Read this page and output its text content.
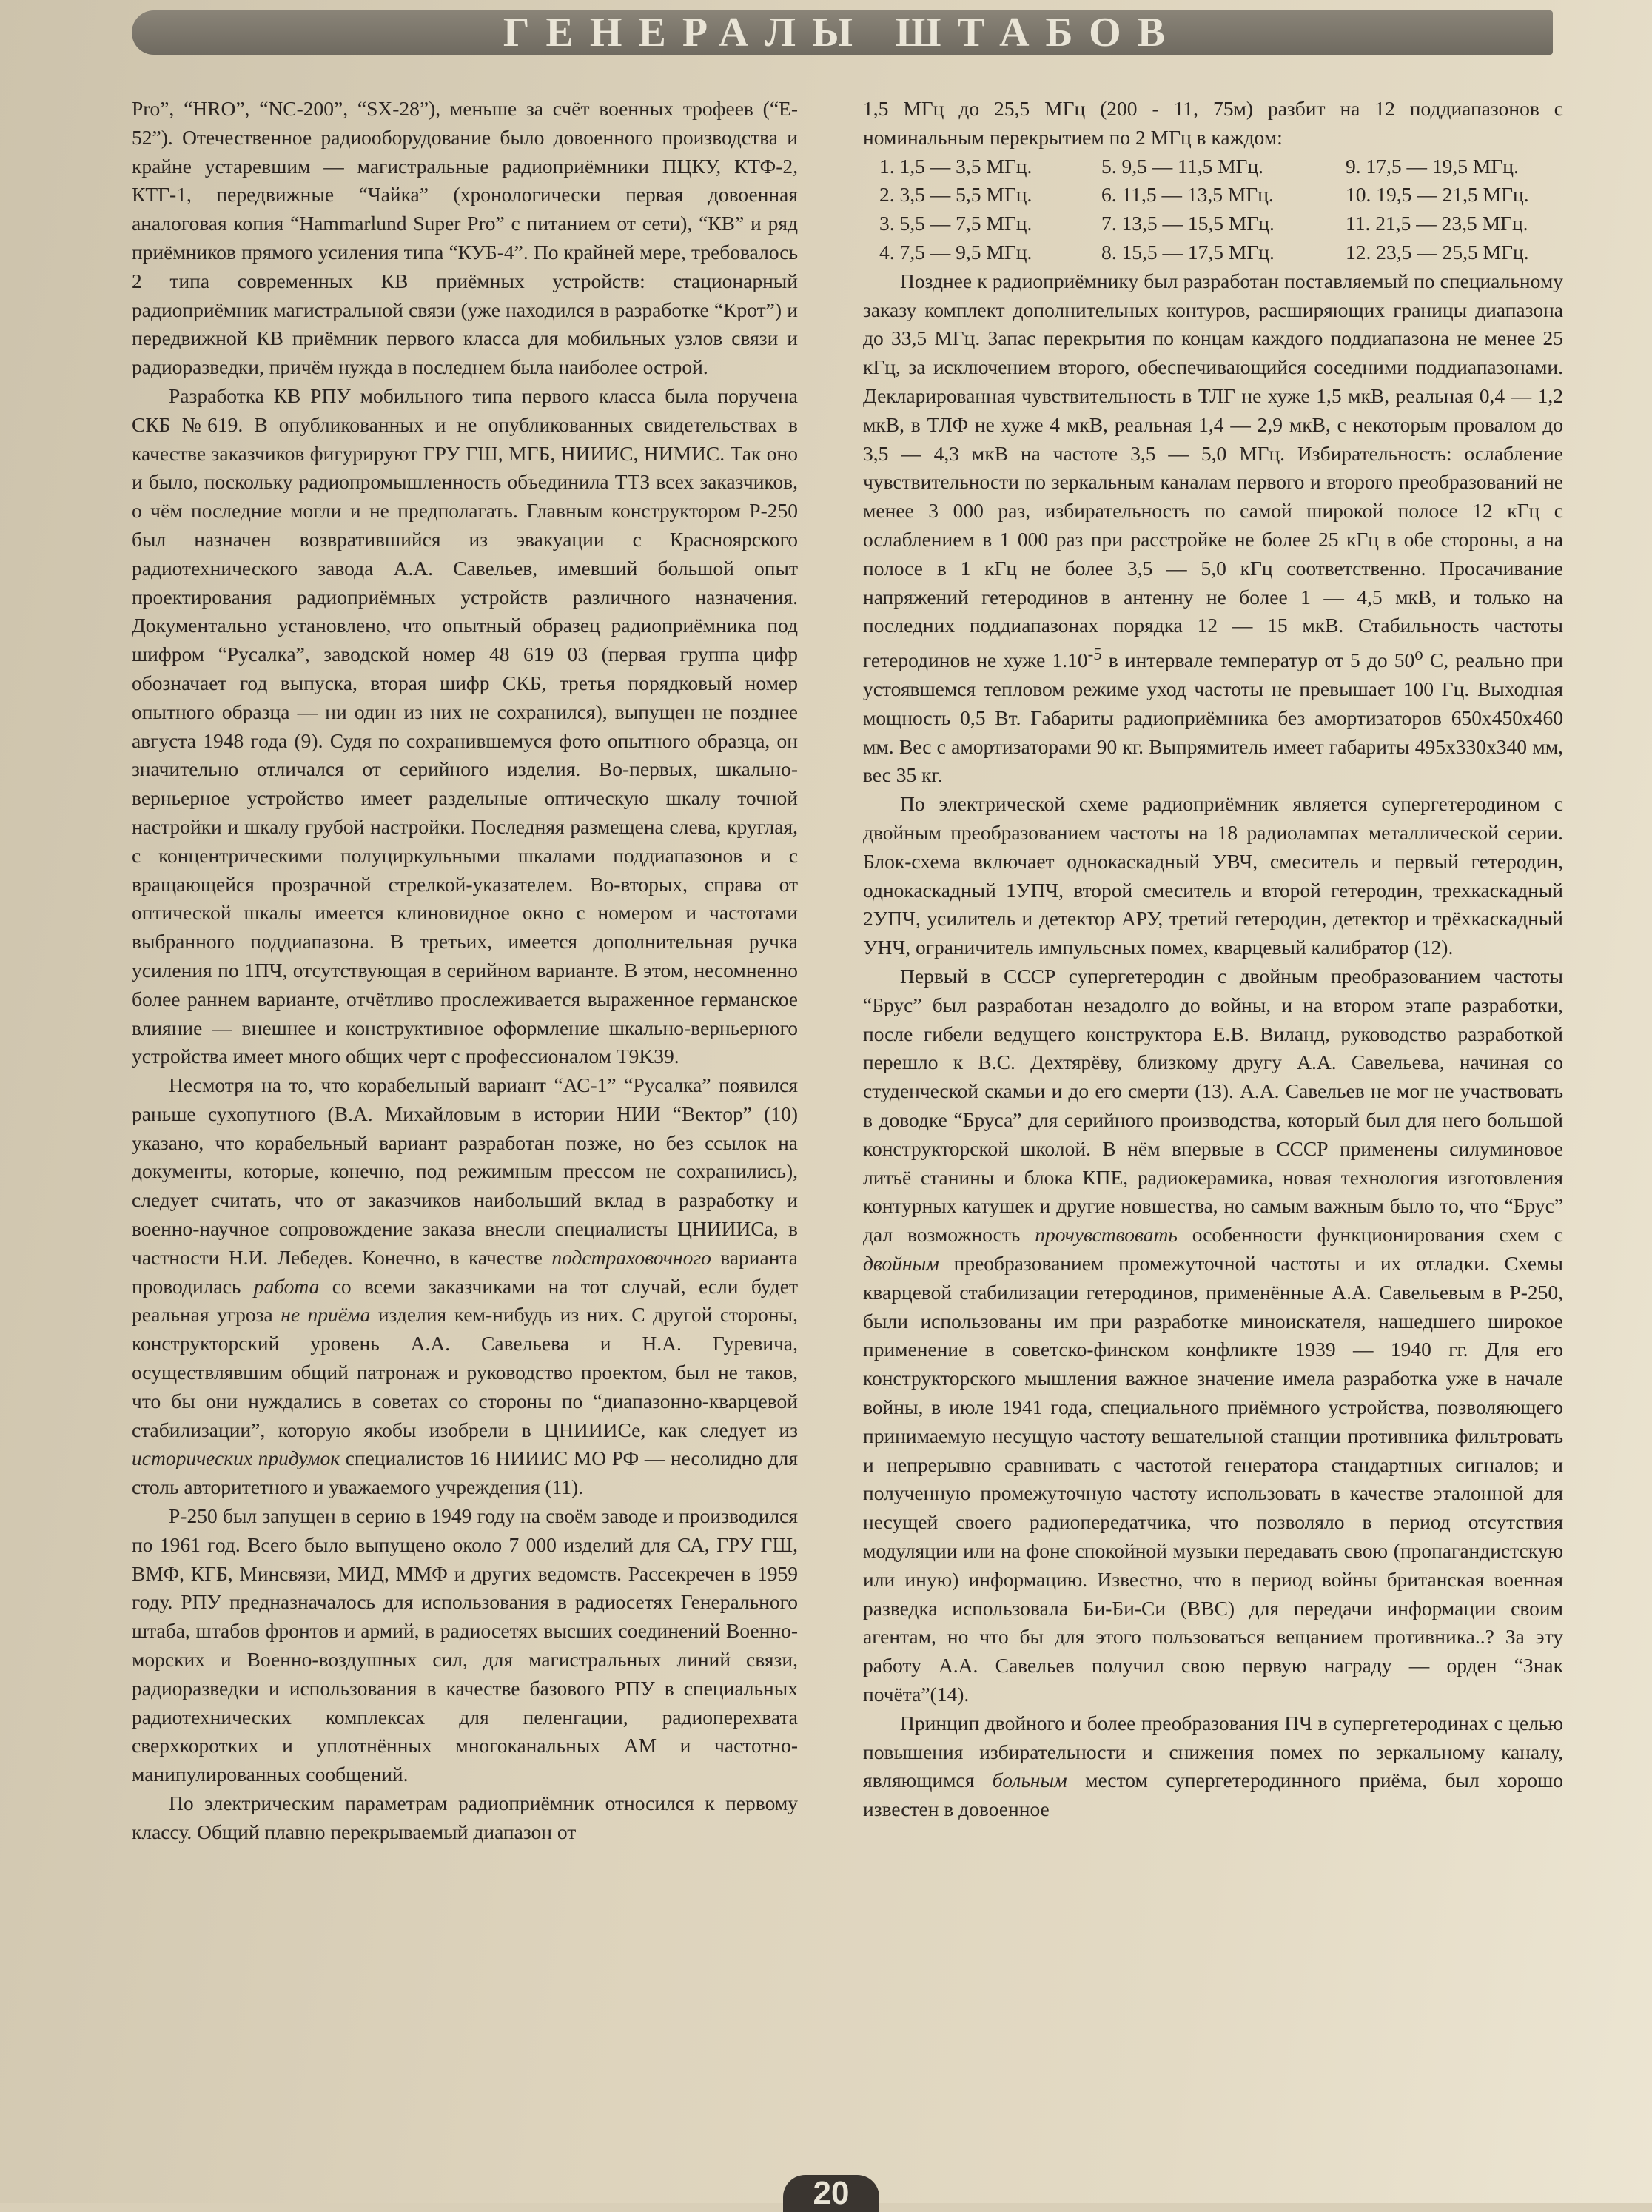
ГЕНЕРАЛЫ ШТАБОВ

Pro”, “HRO”, “NC-200”, “SX-28”), меньше за счёт военных трофеев (“E-52”). Отечественное радиооборудование было довоенного производства и крайне устаревшим — магистральные радиоприёмники ПЦКУ, КТФ-2, КТГ-1, передвижные “Чайка” (хронологически первая довоенная аналоговая копия “Hammarlund Super Pro” с питанием от сети), “КВ” и ряд приёмников прямого усиления типа “КУБ-4”. По крайней мере, требовалось 2 типа современных КВ приёмных устройств: стационарный радиоприёмник магистральной связи (уже находился в разработке “Крот”) и передвижной КВ приёмник первого класса для мобильных узлов связи и радиоразведки, причём нужда в последнем была наиболее острой.

Разработка КВ РПУ мобильного типа первого класса была поручена СКБ №619. В опубликованных и не опубликованных свидетельствах в качестве заказчиков фигурируют ГРУ ГШ, МГБ, НИИИС, НИМИС. Так оно и было, поскольку радиопромышленность объединила ТТЗ всех заказчиков, о чём последние могли и не предполагать. Главным конструктором Р-250 был назначен возвратившийся из эвакуации с Красноярского радиотехнического завода А.А. Савельев, имевший большой опыт проектирования радиоприёмных устройств различного назначения. Документально установлено, что опытный образец радиоприёмника под шифром “Русалка”, заводской номер 48 619 03 (первая группа цифр обозначает год выпуска, вторая шифр СКБ, третья порядковый номер опытного образца — ни один из них не сохранился), выпущен не позднее августа 1948 года (9). Судя по сохранившемуся фото опытного образца, он значительно отличался от серийного изделия. Во-первых, шкально-верньерное устройство имеет раздельные оптическую шкалу точной настройки и шкалу грубой настройки. Последняя размещена слева, круглая, с концентрическими полуциркульными шкалами поддиапазонов и с вращающейся прозрачной стрелкой-указателем. Во-вторых, справа от оптической шкалы имеется клиновидное окно с номером и частотами выбранного поддиапазона. В третьих, имеется дополнительная ручка усиления по 1ПЧ, отсутствующая в серийном варианте. В этом, несомненно более раннем варианте, отчётливо прослеживается выраженное германское влияние — внешнее и конструктивное оформление шкально-верньерного устройства имеет много общих черт с профессионалом T9K39.

Несмотря на то, что корабельный вариант “АС-1” “Русалка” появился раньше сухопутного (В.А. Михайловым в истории НИИ “Вектор” (10) указано, что корабельный вариант разработан позже, но без ссылок на документы, которые, конечно, под режимным прессом не сохранились), следует считать, что от заказчиков наибольший вклад в разработку и военно-научное сопровождение заказа внесли специалисты ЦНИИИСа, в частности Н.И. Лебедев. Конечно, в качестве подстраховочного варианта проводилась работа со всеми заказчиками на тот случай, если будет реальная угроза не приёма изделия кем-нибудь из них. С другой стороны, конструкторский уровень А.А. Савельева и Н.А. Гуревича, осуществлявшим общий патронаж и руководство проектом, был не таков, что бы они нуждались в советах со стороны по “диапазонно-кварцевой стабилизации”, которую якобы изобрели в ЦНИИИСе, как следует из исторических придумок специалистов 16 НИИИС МО РФ — несолидно для столь авторитетного и уважаемого учреждения (11).

Р-250 был запущен в серию в 1949 году на своём заводе и производился по 1961 год. Всего было выпущено около 7 000 изделий для СА, ГРУ ГШ, ВМФ, КГБ, Минсвязи, МИД, ММФ и других ведомств. Рассекречен в 1959 году. РПУ предназначалось для использования в радиосетях Генерального штаба, штабов фронтов и армий, в радиосетях высших соединений Военно-морских и Военно-воздушных сил, для магистральных линий связи, радиоразведки и использования в качестве базового РПУ в специальных радиотехнических комплексах для пеленгации, радиоперехвата сверхкоротких и уплотнённых многоканальных АМ и частотно-манипулированных сообщений.

По электрическим параметрам радиоприёмник относился к первому классу. Общий плавно перекрываемый диапазон от

1,5 МГц до 25,5 МГц (200 - 11, 75м) разбит на 12 поддиапазонов с номинальным перекрытием по 2 МГц в каждом:

1. 1,5 — 3,5 МГц.	5. 9,5 — 11,5 МГц.	9. 17,5 — 19,5 МГц.
2. 3,5 — 5,5 МГц.	6. 11,5 — 13,5 МГц.	10. 19,5 — 21,5 МГц.
3. 5,5 — 7,5 МГц.	7. 13,5 — 15,5 МГц.	11. 21,5 — 23,5 МГц.
4. 7,5 — 9,5 МГц.	8. 15,5 — 17,5 МГц.	12. 23,5 — 25,5 МГц.

Позднее к радиоприёмнику был разработан поставляемый по специальному заказу комплект дополнительных контуров, расширяющих границы диапазона до 33,5 МГц. Запас перекрытия по концам каждого поддиапазона не менее 25 кГц, за исключением второго, обеспечивающийся соседними поддиапазонами. Декларированная чувствительность в ТЛГ не хуже 1,5 мкВ, реальная 0,4 — 1,2 мкВ, в ТЛФ не хуже 4 мкВ, реальная 1,4 — 2,9 мкВ, с некоторым провалом до 3,5 — 4,3 мкВ на частоте 3,5 — 5,0 МГц. Избирательность: ослабление чувствительности по зеркальным каналам первого и второго преобразований не менее 3 000 раз, избирательность по самой широкой полосе 12 кГц с ослаблением в 1 000 раз при расстройке не более 25 кГц в обе стороны, а на полосе в 1 кГц не более 3,5 — 5,0 кГц соответственно. Просачивание напряжений гетеродинов в антенну не более 1 — 4,5 мкВ, и только на последних поддиапазонах порядка 12 — 15 мкВ. Стабильность частоты гетеродинов не хуже $1.10^{-5}$ в интервале температур от 5 до $50^о$ С, реально при устоявшемся тепловом режиме уход частоты не превышает 100 Гц. Выходная мощность 0,5 Вт. Габариты радиоприёмника без амортизаторов 650x450x460 мм. Вес с амортизаторами 90 кг. Выпрямитель имеет габариты 495x330x340 мм, вес 35 кг.

По электрической схеме радиоприёмник является супергетеродином с двойным преобразованием частоты на 18 радиолампах металлической серии. Блок-схема включает однокаскадный УВЧ, смеситель и первый гетеродин, однокаскадный 1УПЧ, второй смеситель и второй гетеродин, трехкаскадный 2УПЧ, усилитель и детектор АРУ, третий гетеродин, детектор и трёхкаскадный УНЧ, ограничитель импульсных помех, кварцевый калибратор (12).

Первый в СССР супергетеродин с двойным преобразованием частоты “Брус” был разработан незадолго до войны, и на втором этапе разработки, после гибели ведущего конструктора Е.В. Виланд, руководство разработкой перешло к В.С. Дехтярёву, близкому другу А.А. Савельева, начиная со студенческой скамьи и до его смерти (13). А.А. Савельев не мог не участвовать в доводке “Бруса” для серийного производства, который был для него большой конструкторской школой. В нём впервые в СССР применены силуминовое литьё станины и блока КПЕ, радиокерамика, новая технология изготовления контурных катушек и другие новшества, но самым важным было то, что “Брус” дал возможность прочувствовать особенности функционирования схем с двойным преобразованием промежуточной частоты и их отладки. Схемы кварцевой стабилизации гетеродинов, применённые А.А. Савельевым в Р-250, были использованы им при разработке миноискателя, нашедшего широкое применение в советско-финском конфликте 1939 — 1940 гг. Для его конструкторского мышления важное значение имела разработка уже в начале войны, в июле 1941 года, специального приёмного устройства, позволяющего принимаемую несущую частоту вешательной станции противника фильтровать и непрерывно сравнивать с частотой генератора стандартных сигналов; и полученную промежуточную частоту использовать в качестве эталонной для несущей своего радиопередатчика, что позволяло в период отсутствия модуляции или на фоне спокойной музыки передавать свою (пропагандистскую или иную) информацию. Известно, что в период войны британская военная разведка использовала Би-Би-Си (BBC) для передачи информации своим агентам, но что бы для этого пользоваться вещанием противника..? За эту работу А.А. Савельев получил свою первую награду — орден “Знак почёта”(14).

Принцип двойного и более преобразования ПЧ в супергетеродинах с целью повышения избирательности и снижения помех по зеркальному каналу, являющимся больным местом супергетеродинного приёма, был хорошо известен в довоенное

20
